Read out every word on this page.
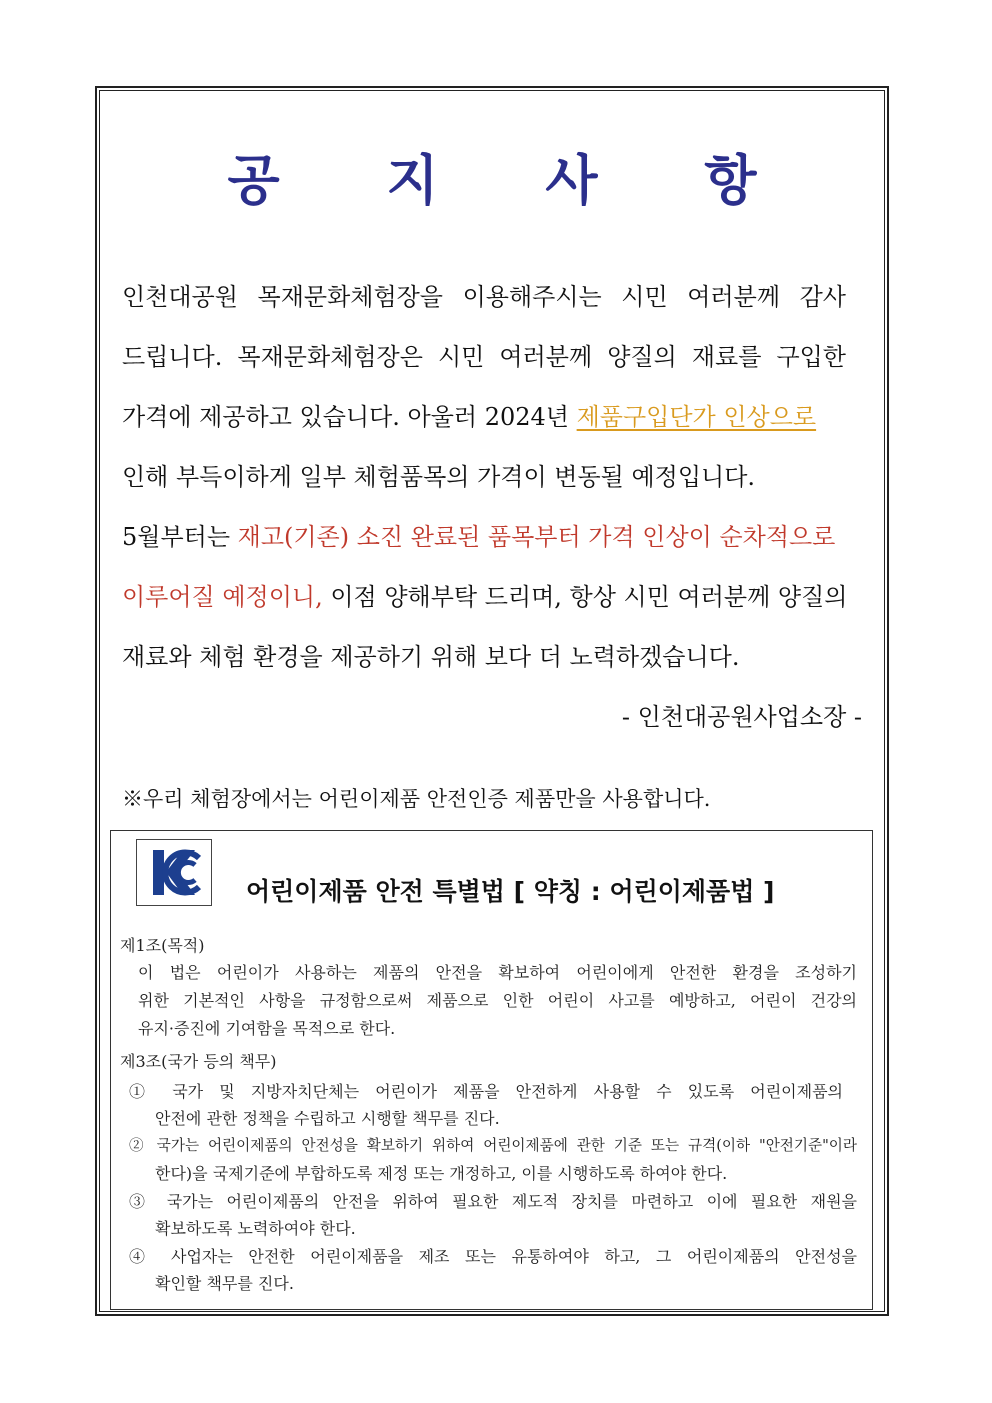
공 지 사 항
인천대공원 목재문화체험장을 이용해주시는 시민 여러분께 감사
드립니다. 목재문화체험장은 시민 여러분께 양질의 재료를 구입한
가격에 제공하고 있습니다. 아울러 2024년 제품구입단가 인상으로
인해 부득이하게 일부 체험품목의 가격이 변동될 예정입니다.
5월부터는 재고(기존) 소진 완료된 품목부터 가격 인상이 순차적으로
이루어질 예정이니, 이점 양해부탁 드리며, 항상 시민 여러분께 양질의
재료와 체험 환경을 제공하기 위해 보다 더 노력하겠습니다.
- 인천대공원사업소장 -
※우리 체험장에서는 어린이제품 안전인증 제품만을 사용합니다.
어린이제품 안전 특별법 [ 약칭 : 어린이제품법 ]
제1조(목적)
이 법은 어린이가 사용하는 제품의 안전을 확보하여 어린이에게 안전한 환경을 조성하기
위한 기본적인 사항을 규정함으로써 제품으로 인한 어린이 사고를 예방하고, 어린이 건강의
유지·증진에 기여함을 목적으로 한다.
제3조(국가 등의 책무)
① 국가 및 지방자치단체는 어린이가 제품을 안전하게 사용할 수 있도록 어린이제품의
안전에 관한 정책을 수립하고 시행할 책무를 진다.
② 국가는 어린이제품의 안전성을 확보하기 위하여 어린이제품에 관한 기준 또는 규격(이하 "안전기준"이라
한다)을 국제기준에 부합하도록 제정 또는 개정하고, 이를 시행하도록 하여야 한다.
③ 국가는 어린이제품의 안전을 위하여 필요한 제도적 장치를 마련하고 이에 필요한 재원을
확보하도록 노력하여야 한다.
④ 사업자는 안전한 어린이제품을 제조 또는 유통하여야 하고, 그 어린이제품의 안전성을
확인할 책무를 진다.
